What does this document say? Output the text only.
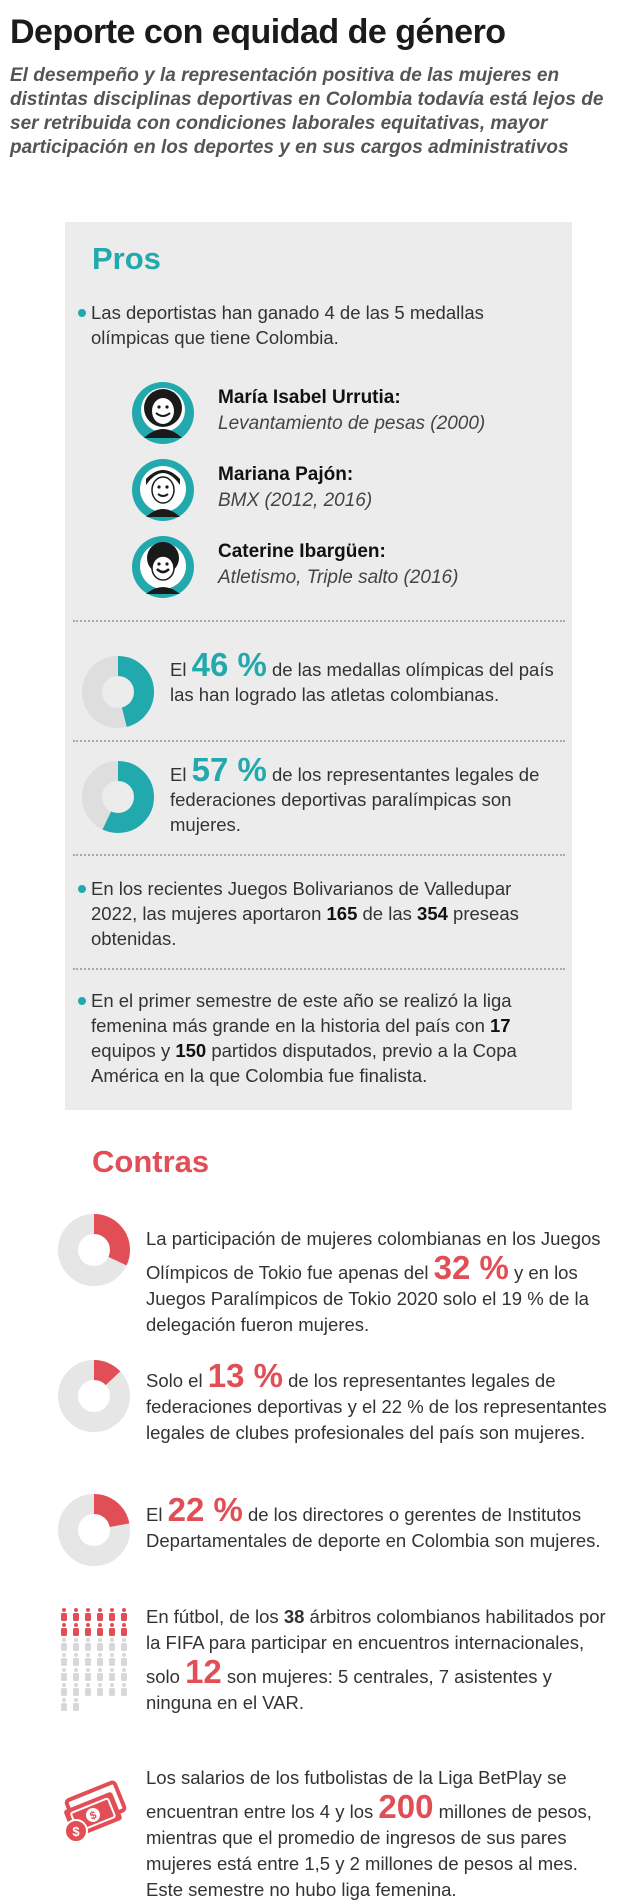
Deporte con equidad de género

El desempeño y la representación positiva de las mujeres en distintas disciplinas deportivas en Colombia todavía está lejos de ser retribuida con condiciones laborales equitativas, mayor participación en los deportes y en sus cargos administrativos

Pros
Las deportistas han ganado 4 de las 5 medallas olímpicas que tiene Colombia.
María Isabel Urrutia:
Levantamiento de pesas (2000)
Mariana Pajón:
BMX (2012, 2016)
Caterine Ibargüen:
Atletismo, Triple salto (2016)
El 46 % de las medallas olímpicas del país las han logrado las atletas colombianas.
El 57 % de los representantes legales de federaciones deportivas paralímpicas son mujeres.
En los recientes Juegos Bolivarianos de Valledupar 2022, las mujeres aportaron 165 de las 354 preseas obtenidas.
En el primer semestre de este año se realizó la liga femenina más grande en la historia del país con 17 equipos y 150 partidos disputados, previo a la Copa América en la que Colombia fue finalista.
Contras
La participación de mujeres colombianas en los Juegos Olímpicos de Tokio fue apenas del 32 % y en los Juegos Paralímpicos de Tokio 2020 solo el 19 % de la delegación fueron mujeres.
Solo el 13 % de los representantes legales de federaciones deportivas y el 22 % de los representantes legales de clubes profesionales del país son mujeres.
El 22 % de los directores o gerentes de Institutos Departamentales de deporte en Colombia son mujeres.
En fútbol, de los 38 árbitros colombianos habilitados por la FIFA para participar en encuentros internacionales, solo 12 son mujeres: 5 centrales, 7 asistentes y ninguna en el VAR.
$
$
Los salarios de los futbolistas de la Liga BetPlay se encuentran entre los 4 y los 200 millones de pesos, mientras que el promedio de ingresos de sus pares mujeres está entre 1,5 y 2 millones de pesos al mes. Este semestre no hubo liga femenina.
